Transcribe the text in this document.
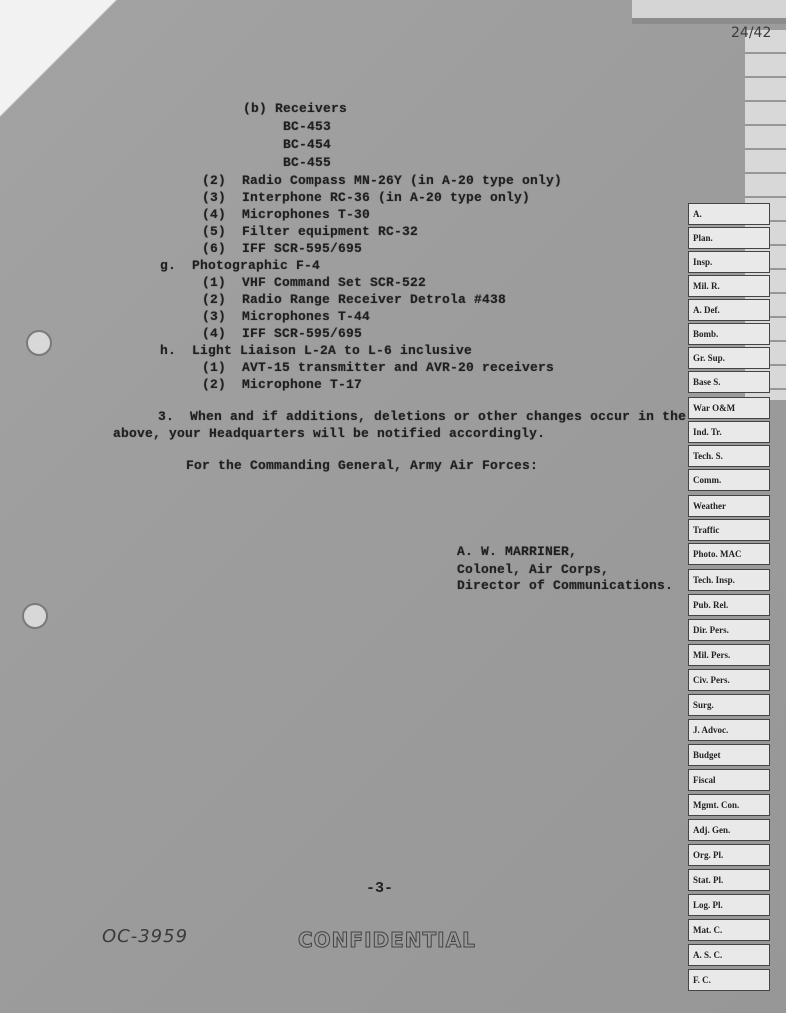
24/42
(b) Receivers
BC-453
BC-454
BC-455
(2)  Radio Compass MN-26Y (in A-20 type only)
(3)  Interphone RC-36 (in A-20 type only)
(4)  Microphones T-30
(5)  Filter equipment RC-32
(6)  IFF SCR-595/695
g.  Photographic F-4
(1)  VHF Command Set SCR-522
(2)  Radio Range Receiver Detrola #438
(3)  Microphones T-44
(4)  IFF SCR-595/695
h.  Light Liaison L-2A to L-6 inclusive
(1)  AVT-15 transmitter and AVR-20 receivers
(2)  Microphone T-17
3.  When and if additions, deletions or other changes occur in the
above, your Headquarters will be notified accordingly.
For the Commanding General, Army Air Forces:
A. W. MARRINER,
Colonel, Air Corps,
Director of Communications.
A.
Plan.
Insp.
Mil. R.
A. Def.
Bomb.
Gr. Sup.
Base S.
War O&M
Ind. Tr.
Tech. S.
Comm.
Weather
Traffic
Photo. MAC
Tech. Insp.
Pub. Rel.
Dir. Pers.
Mil. Pers.
Civ. Pers.
Surg.
J. Advoc.
Budget
Fiscal
Mgmt. Con.
Adj. Gen.
Org. Pl.
Stat. Pl.
Log. Pl.
Mat. C.
A. S. C.
F. C.
-3-
OC-3959	CONFIDENTIAL
